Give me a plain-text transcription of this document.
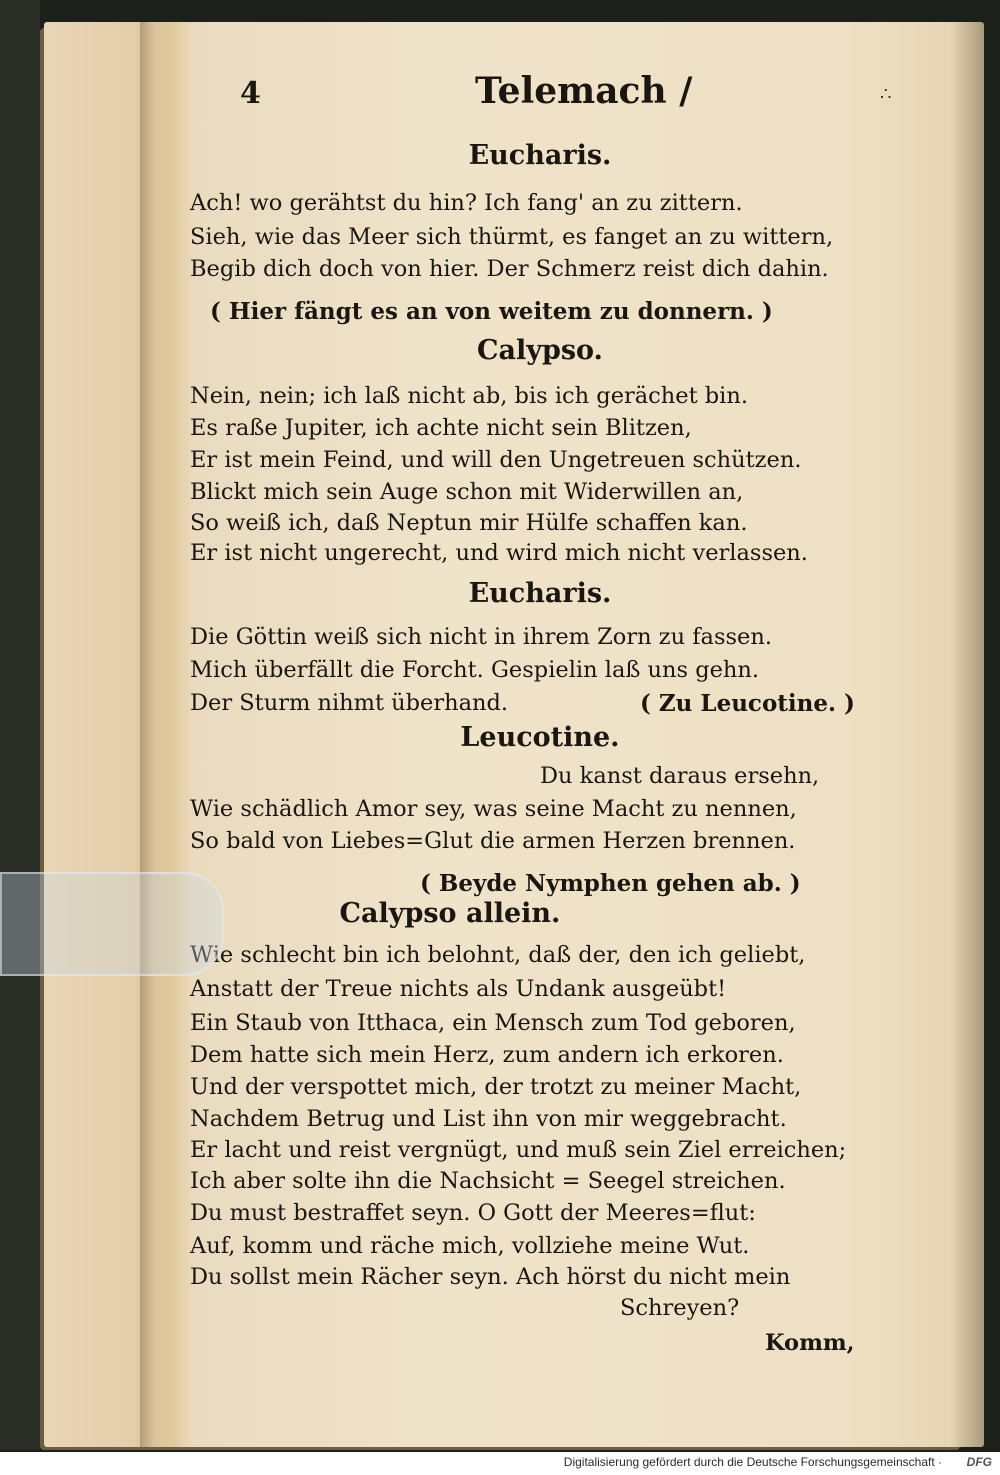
4	Telemach /	∴
Eucharis.
Ach! wo gerähtst du hin? Ich fang' an zu zittern.
Sieh, wie das Meer sich thürmt, es fanget an zu wittern,
Begib dich doch von hier. Der Schmerz reist dich dahin.
( Hier fängt es an von weitem zu donnern. )
Calypso.
Nein, nein; ich laß nicht ab, bis ich gerächet bin.
Es raße Jupiter, ich achte nicht sein Blitzen,
Er ist mein Feind, und will den Ungetreuen schützen.
Blickt mich sein Auge schon mit Widerwillen an,
So weiß ich, daß Neptun mir Hülfe schaffen kan.
Er ist nicht ungerecht, und wird mich nicht verlassen.
Eucharis.
Die Göttin weiß sich nicht in ihrem Zorn zu fassen.
Mich überfällt die Forcht. Gespielin laß uns gehn.
Der Sturm nihmt überhand.	( Zu Leucotine. )
Leucotine.
Du kanst daraus ersehn,
Wie schädlich Amor sey, was seine Macht zu nennen,
So bald von Liebes=Glut die armen Herzen brennen.
( Beyde Nymphen gehen ab. )
Calypso allein.
Wie schlecht bin ich belohnt, daß der, den ich geliebt,
Anstatt der Treue nichts als Undank ausgeübt!
Ein Staub von Itthaca, ein Mensch zum Tod geboren,
Dem hatte sich mein Herz, zum andern ich erkoren.
Und der verspottet mich, der trotzt zu meiner Macht,
Nachdem Betrug und List ihn von mir weggebracht.
Er lacht und reist vergnügt, und muß sein Ziel erreichen;
Ich aber solte ihn die Nachsicht = Seegel streichen.
Du must bestraffet seyn. O Gott der Meeres=flut:
Auf, komm und räche mich, vollziehe meine Wut.
Du sollst mein Rächer seyn. Ach hörst du nicht mein
Schreyen?
Komm,
Digitalisierung gefördert durch die Deutsche Forschungsgemeinschaft · DFG
